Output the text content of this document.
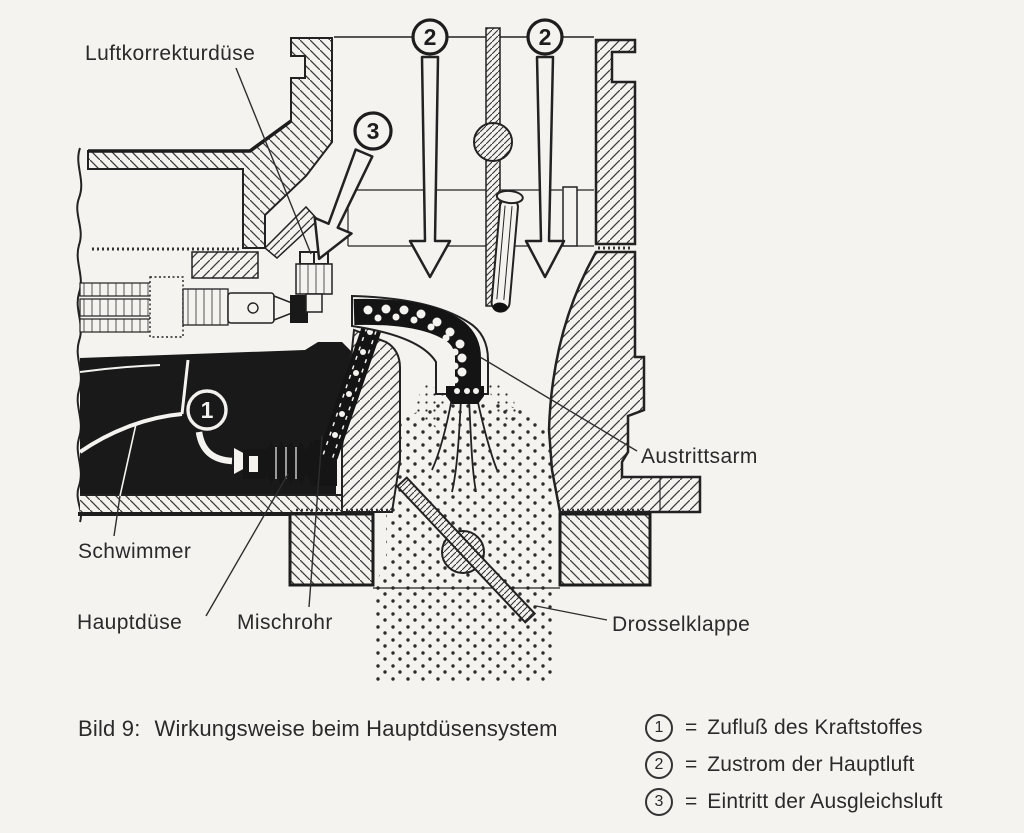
1
2	2
3
Luftkorrekturdüse
Schwimmer
Hauptdüse	Mischrohr
Austrittsarm
Drosselklappe
Bild 9: Wirkungsweise beim Hauptdüsensystem	1	= Zufluß des Kraftstoffes
2	= Zustrom der Hauptluft
3	= Eintritt der Ausgleichsluft
